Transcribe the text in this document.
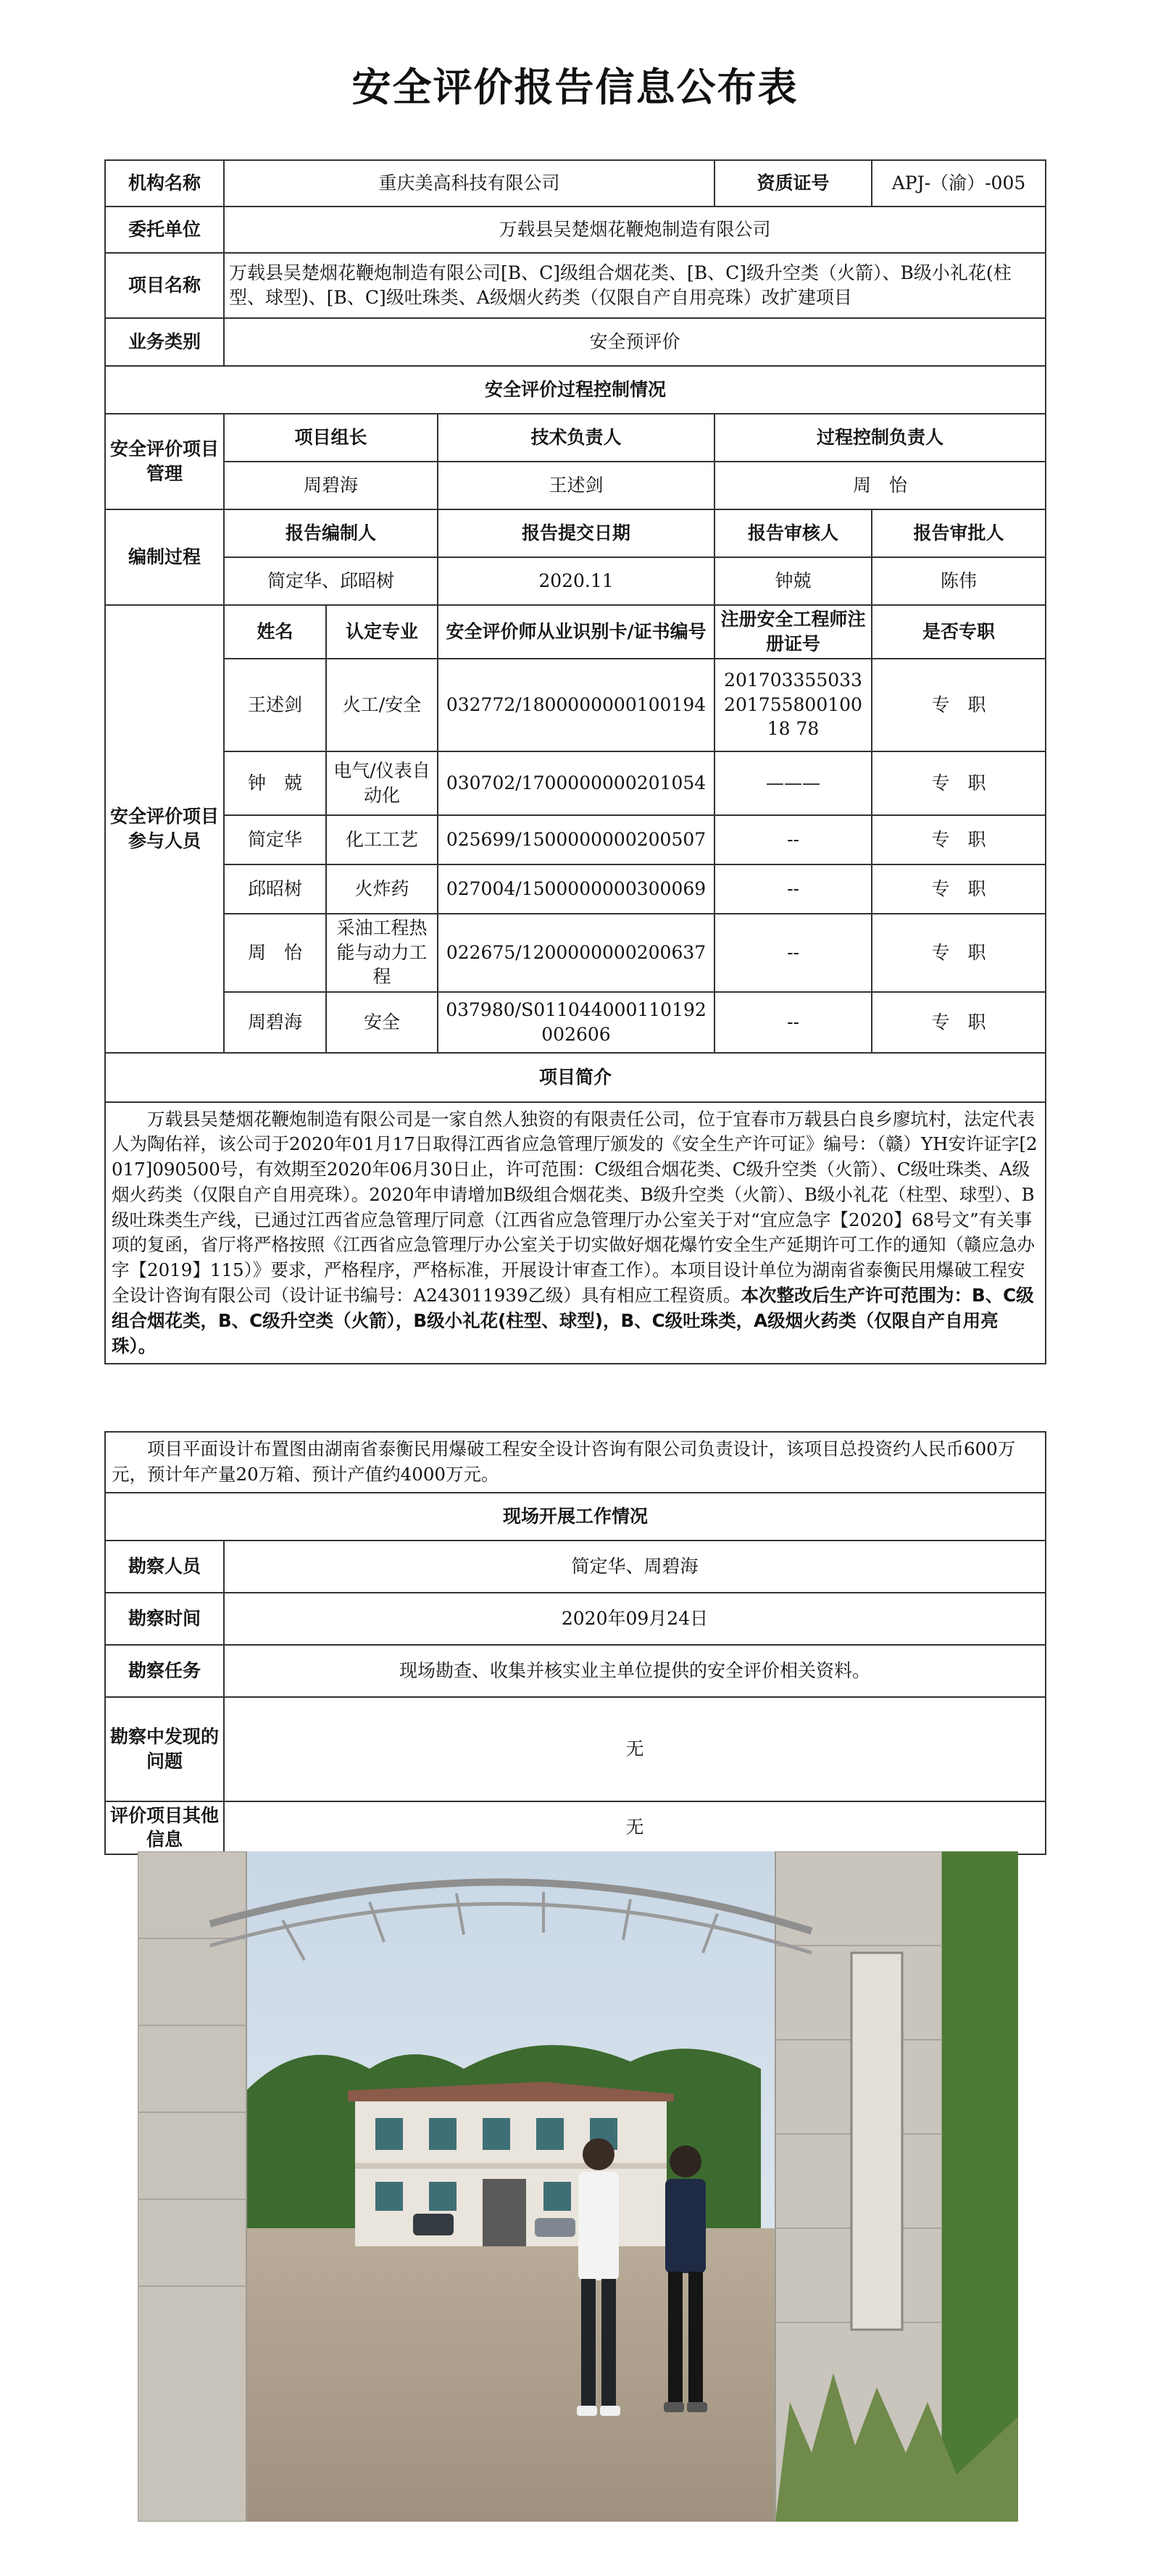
安全评价报告信息公布表
机构名称	重庆美高科技有限公司			资质证号	APJ-（渝）-005
委托单位	万载县吴楚烟花鞭炮制造有限公司				
项目名称	万载县吴楚烟花鞭炮制造有限公司[B、C]级组合烟花类、[B、C]级升空类（火箭）、B级小礼花(柱型、球型)、[B、C]级吐珠类、A级烟火药类（仅限自产自用亮珠）改扩建项目				
业务类别	安全预评价				
安全评价过程控制情况					
安全评价项目管理	项目组长		技术负责人	过程控制负责人	
	周碧海		王述剑	周　怡	
编制过程	报告编制人		报告提交日期	报告审核人	报告审批人
	简定华、邱昭树		2020.11	钟兢	陈伟
安全评价项目参与人员	姓名	认定专业	安全评价师从业识别卡/证书编号	注册安全工程师注册证号	是否专职
	王述剑	火工/安全	032772/1800000000100194	20170335503320175580010018 78	专　职
	钟　兢	电气/仪表自动化	030702/1700000000201054	———	专　职
	简定华	化工工艺	025699/1500000000200507	--	专　职
	邱昭树	火炸药	027004/1500000000300069	--	专　职
	周　怡	采油工程热能与动力工程	022675/1200000000200637	--	专　职
	周碧海	安全	037980/S011044000110192002606	--	专　职
项目简介					
万载县吴楚烟花鞭炮制造有限公司是一家自然人独资的有限责任公司，位于宜春市万载县白良乡廖坑村，法定代表人为陶佑祥，该公司于2020年01月17日取得江西省应急管理厅颁发的《安全生产许可证》编号：（赣）YH安许证字[2017]090500号，有效期至2020年06月30日止，许可范围：C级组合烟花类、C级升空类（火箭）、C级吐珠类、A级烟火药类（仅限自产自用亮珠）。2020年申请增加B级组合烟花类、B级升空类（火箭）、B级小礼花（柱型、球型）、B级吐珠类生产线，已通过江西省应急管理厅同意（江西省应急管理厅办公室关于对“宜应急字【2020】68号文”有关事项的复函，省厅将严格按照《江西省应急管理厅办公室关于切实做好烟花爆竹安全生产延期许可工作的通知（赣应急办字【2019】115）》要求，严格程序，严格标准，开展设计审查工作）。本项目设计单位为湖南省泰衡民用爆破工程安全设计咨询有限公司（设计证书编号：A243011939乙级）具有相应工程资质。本次整改后生产许可范围为：B、C级组合烟花类，B、C级升空类（火箭），B级小礼花(柱型、球型)，B、C级吐珠类，A级烟火药类（仅限自产自用亮珠）。					
项目平面设计布置图由湖南省泰衡民用爆破工程安全设计咨询有限公司负责设计，该项目总投资约人民币600万元，预计年产量20万箱、预计产值约4000万元。	
现场开展工作情况	
勘察人员	简定华、周碧海
勘察时间	2020年09月24日
勘察任务	现场勘查、收集并核实业主单位提供的安全评价相关资料。
勘察中发现的问题	无
评价项目其他信息	无
